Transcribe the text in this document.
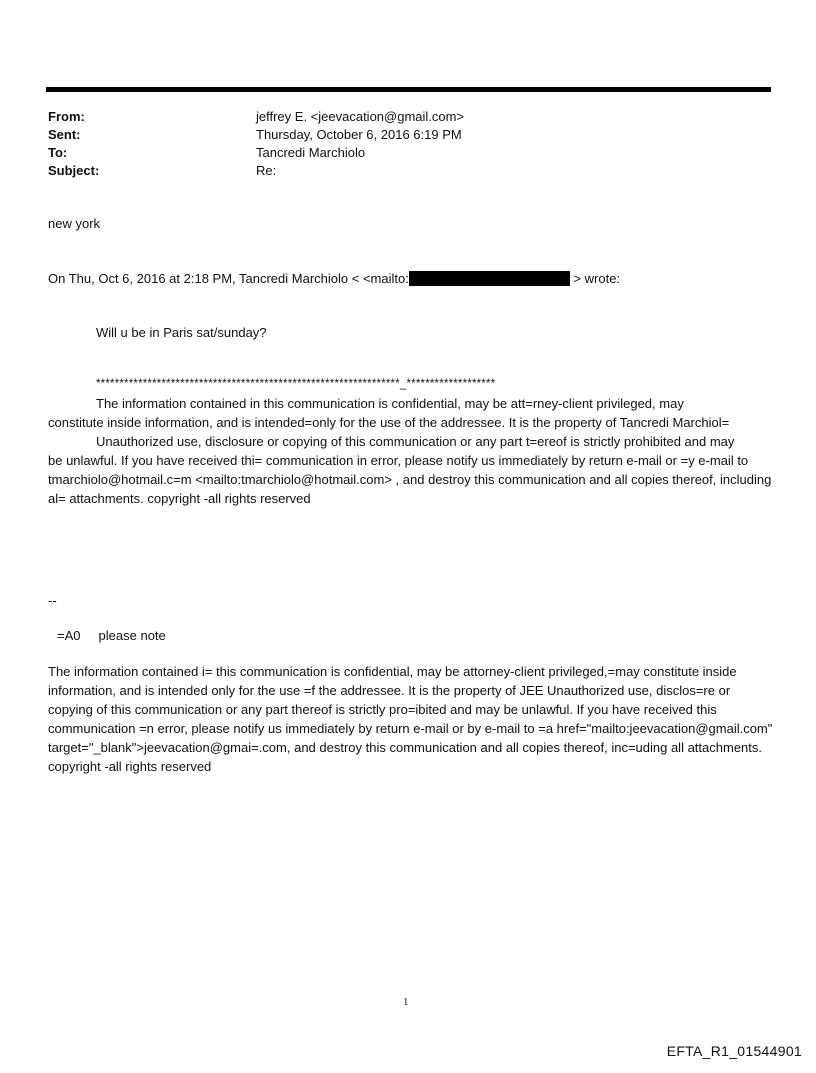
From:	jeffrey E. <jeevacation@gmail.com>
Sent:	Thursday, October 6, 2016 6:19 PM
To:	Tancredi Marchiolo
Subject:	Re:
new york
On Thu, Oct 6, 2016 at 2:18 PM, Tancredi Marchiolo < <mailto:	> wrote:
Will u be in Paris sat/sunday?
*****************************************************************_*******************
The information contained in this communication is confidential, may be att=rney-client privileged, may
constitute inside information, and is intended=only for the use of the addressee. It is the property of Tancredi Marchiol=
Unauthorized use, disclosure or copying of this communication or any part t=ereof is strictly prohibited and may
be unlawful. If you have received thi= communication in error, please notify us immediately by return e-mail or =y e-mail to tmarchiolo@hotmail.c=m <mailto:tmarchiolo@hotmail.com> , and destroy this communication and all copies thereof, including al= attachments. copyright -all rights reserved
--
=A0     please note
The information contained i= this communication is confidential, may be attorney-client privileged,=may constitute inside information, and is intended only for the use =f the addressee. It is the property of JEE Unauthorized use, disclos=re or copying of this communication or any part thereof is strictly pro=ibited and may be unlawful. If you have received this communication =n error, please notify us immediately by return e-mail or by e-mail to =a href="mailto:jeevacation@gmail.com" target="_blank">jeevacation@gmai=.com, and destroy this communication and all copies thereof, inc=uding all attachments. copyright -all rights reserved
1
EFTA_R1_01544901
